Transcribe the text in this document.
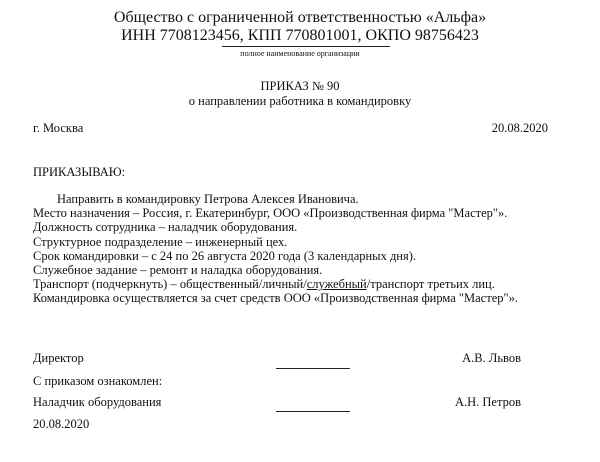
Общество с ограниченной ответственностью «Альфа»
ИНН 7708123456, КПП 770801001, ОКПО 98756423
полное наименование организации
ПРИКАЗ № 90
о направлении работника в командировку
г. Москва	20.08.2020
ПРИКАЗЫВАЮ:
Направить в командировку Петрова Алексея Ивановича.
Место назначения – Россия, г. Екатеринбург, ООО «Производственная фирма "Мастер"».
Должность сотрудника – наладчик оборудования.
Структурное подразделение – инженерный цех.
Срок командировки – с 24 по 26 августа 2020 года (3 календарных дня).
Служебное задание – ремонт и наладка оборудования.
Транспорт (подчеркнуть) – общественный/личный/служебный/транспорт третьих лиц.
Командировка осуществляется за счет средств ООО «Производственная фирма "Мастер"».
Директор	А.В. Львов
С приказом ознакомлен:
Наладчик оборудования	А.Н. Петров
20.08.2020
